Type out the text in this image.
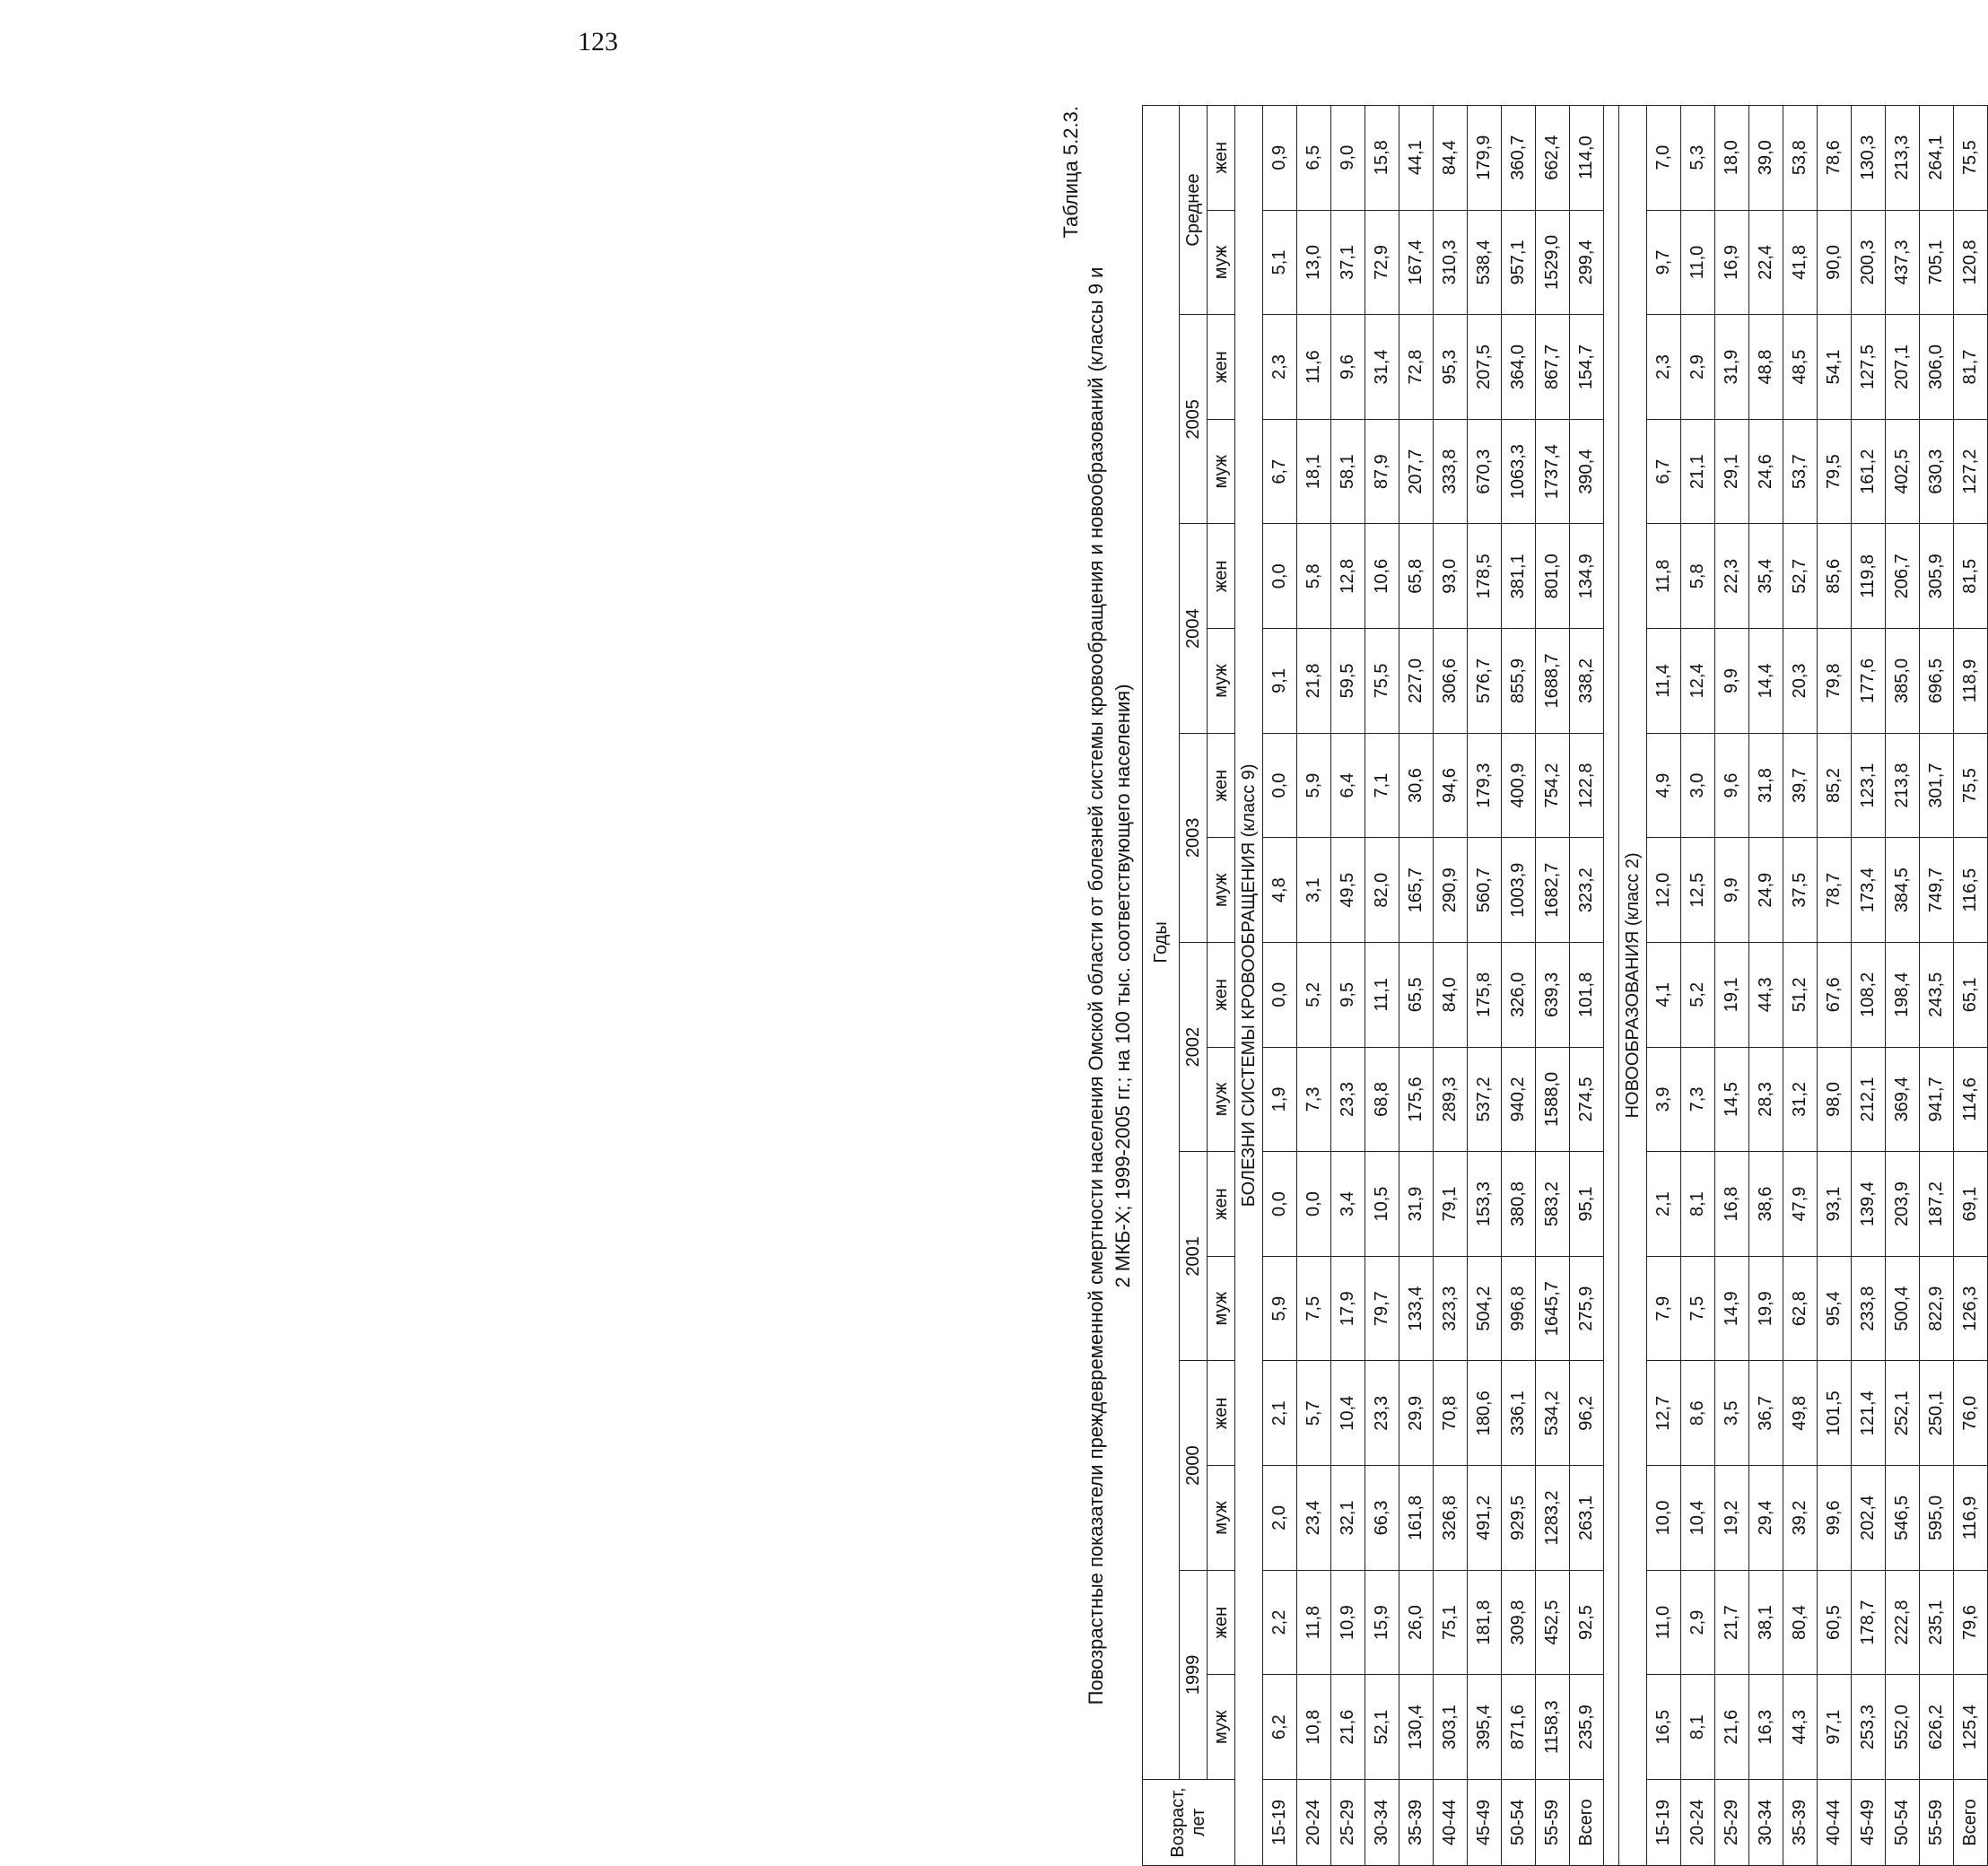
123
Таблица 5.2.3.
Повозрастные показатели преждевременной смертности населения Омской области от болезней системы кровообращения и новообразований (классы 9 и 2 МКБ-Х; 1999-2005 гг.; на 100 тыс. соответствующего населения)
Возраст, лет	Годы															
	1999		2000		2001		2002		2003		2004		2005		Среднее	
	муж	жен	муж	жен	муж	жен	муж	жен	муж	жен	муж	жен	муж	жен	муж	жен
БОЛЕЗНИ СИСТЕМЫ КРОВООБРАЩЕНИЯ (класс 9)																
15-19	6,2	2,2	2,0	2,1	5,9	0,0	1,9	0,0	4,8	0,0	9,1	0,0	6,7	2,3	5,1	0,9
20-24	10,8	11,8	23,4	5,7	7,5	0,0	7,3	5,2	3,1	5,9	21,8	5,8	18,1	11,6	13,0	6,5
25-29	21,6	10,9	32,1	10,4	17,9	3,4	23,3	9,5	49,5	6,4	59,5	12,8	58,1	9,6	37,1	9,0
30-34	52,1	15,9	66,3	23,3	79,7	10,5	68,8	11,1	82,0	7,1	75,5	10,6	87,9	31,4	72,9	15,8
35-39	130,4	26,0	161,8	29,9	133,4	31,9	175,6	65,5	165,7	30,6	227,0	65,8	207,7	72,8	167,4	44,1
40-44	303,1	75,1	326,8	70,8	323,3	79,1	289,3	84,0	290,9	94,6	306,6	93,0	333,8	95,3	310,3	84,4
45-49	395,4	181,8	491,2	180,6	504,2	153,3	537,2	175,8	560,7	179,3	576,7	178,5	670,3	207,5	538,4	179,9
50-54	871,6	309,8	929,5	336,1	996,8	380,8	940,2	326,0	1003,9	400,9	855,9	381,1	1063,3	364,0	957,1	360,7
55-59	1158,3	452,5	1283,2	534,2	1645,7	583,2	1588,0	639,3	1682,7	754,2	1688,7	801,0	1737,4	867,7	1529,0	662,4
Всего	235,9	92,5	263,1	96,2	275,9	95,1	274,5	101,8	323,2	122,8	338,2	134,9	390,4	154,7	299,4	114,0

НОВООБРАЗОВАНИЯ (класс 2)																
15-19	16,5	11,0	10,0	12,7	7,9	2,1	3,9	4,1	12,0	4,9	11,4	11,8	6,7	2,3	9,7	7,0
20-24	8,1	2,9	10,4	8,6	7,5	8,1	7,3	5,2	12,5	3,0	12,4	5,8	21,1	2,9	11,0	5,3
25-29	21,6	21,7	19,2	3,5	14,9	16,8	14,5	19,1	9,9	9,6	9,9	22,3	29,1	31,9	16,9	18,0
30-34	16,3	38,1	29,4	36,7	19,9	38,6	28,3	44,3	24,9	31,8	14,4	35,4	24,6	48,8	22,4	39,0
35-39	44,3	80,4	39,2	49,8	62,8	47,9	31,2	51,2	37,5	39,7	20,3	52,7	53,7	48,5	41,8	53,8
40-44	97,1	60,5	99,6	101,5	95,4	93,1	98,0	67,6	78,7	85,2	79,8	85,6	79,5	54,1	90,0	78,6
45-49	253,3	178,7	202,4	121,4	233,8	139,4	212,1	108,2	173,4	123,1	177,6	119,8	161,2	127,5	200,3	130,3
50-54	552,0	222,8	546,5	252,1	500,4	203,9	369,4	198,4	384,5	213,8	385,0	206,7	402,5	207,1	437,3	213,3
55-59	626,2	235,1	595,0	250,1	822,9	187,2	941,7	243,5	749,7	301,7	696,5	305,9	630,3	306,0	705,1	264,1
Всего	125,4	79,6	116,9	76,0	126,3	69,1	114,6	65,1	116,5	75,5	118,9	81,5	127,2	81,7	120,8	75,5
